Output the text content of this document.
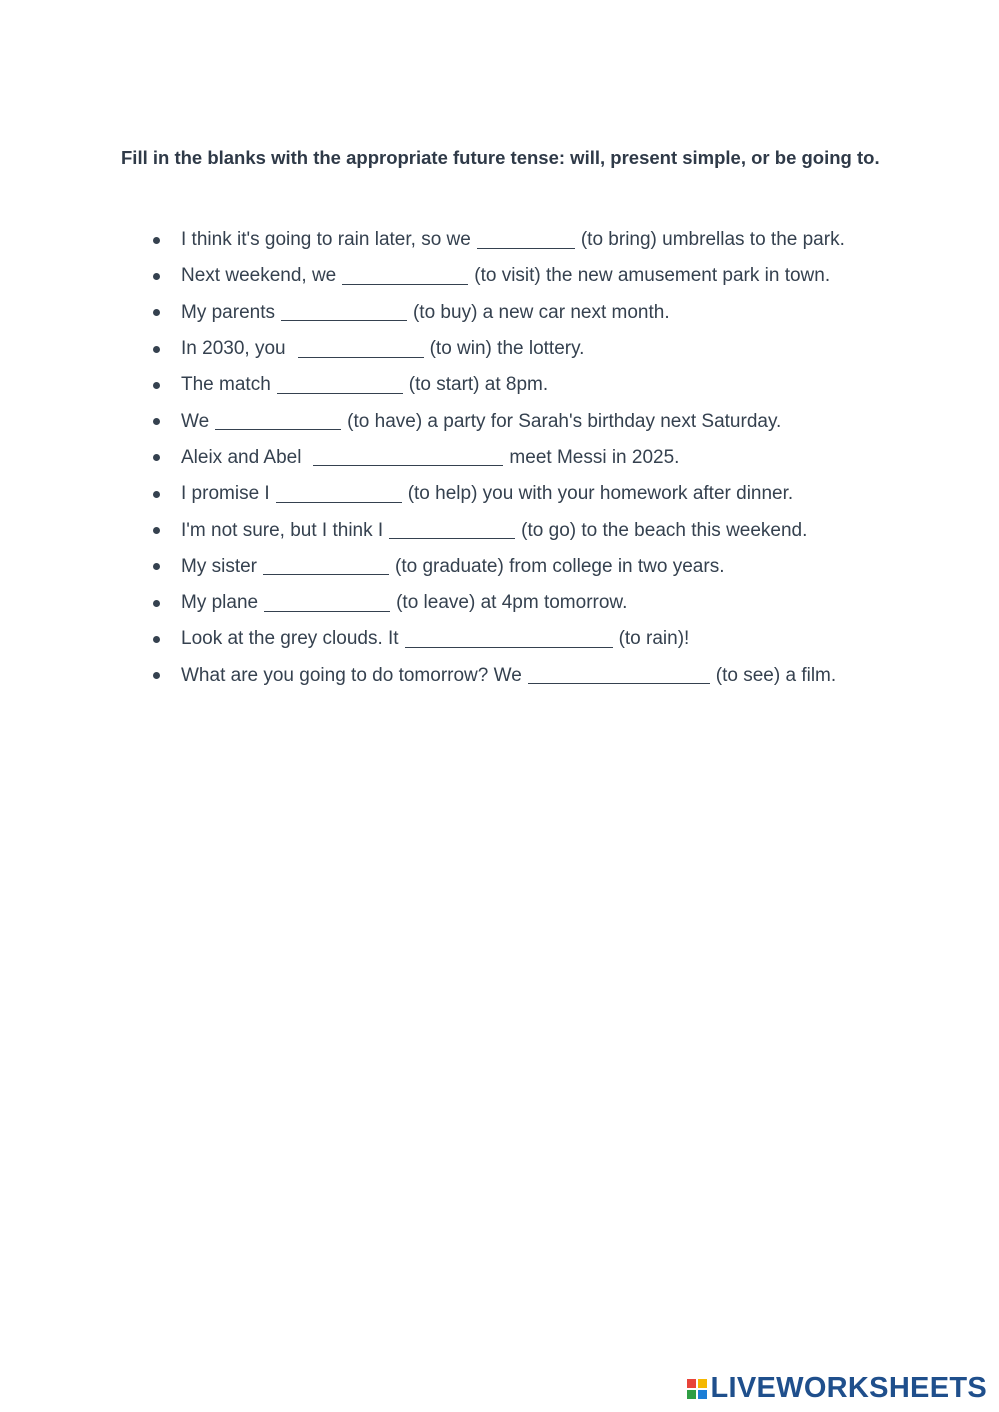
Fill in the blanks with the appropriate future tense: will, present simple, or be going to.

I think it's going to rain later, so we	(to bring) umbrellas to the park.
Next weekend, we	(to visit) the new amusement park in town.
My parents	(to buy) a new car next month.
In 2030, you	(to win) the lottery.
The match	(to start) at 8pm.
We	(to have) a party for Sarah's birthday next Saturday.
Aleix and Abel	meet Messi in 2025.
I promise I	(to help) you with your homework after dinner.
I'm not sure, but I think I	(to go) to the beach this weekend.
My sister	(to graduate) from college in two years.
My plane	(to leave) at 4pm tomorrow.
Look at the grey clouds. It	(to rain)!
What are you going to do tomorrow? We	(to see) a film.
LIVEWORKSHEETS
